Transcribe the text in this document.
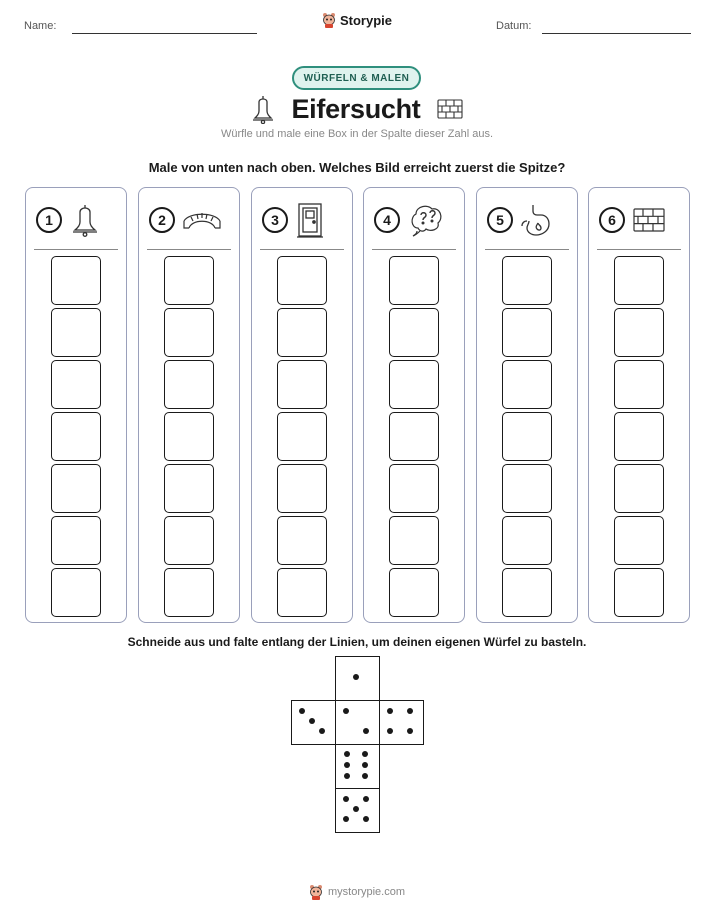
Name:	Storypie	Datum:
WÜRFELN & MALEN
Eifersucht
Würfle und male eine Box in der Spalte dieser Zahl aus.
Male von unten nach oben. Welches Bild erreicht zuerst die Spitze?
1	2	3	4	5	6
Schneide aus und falte entlang der Linien, um deinen eigenen Würfel zu basteln.
mystorypie.com
